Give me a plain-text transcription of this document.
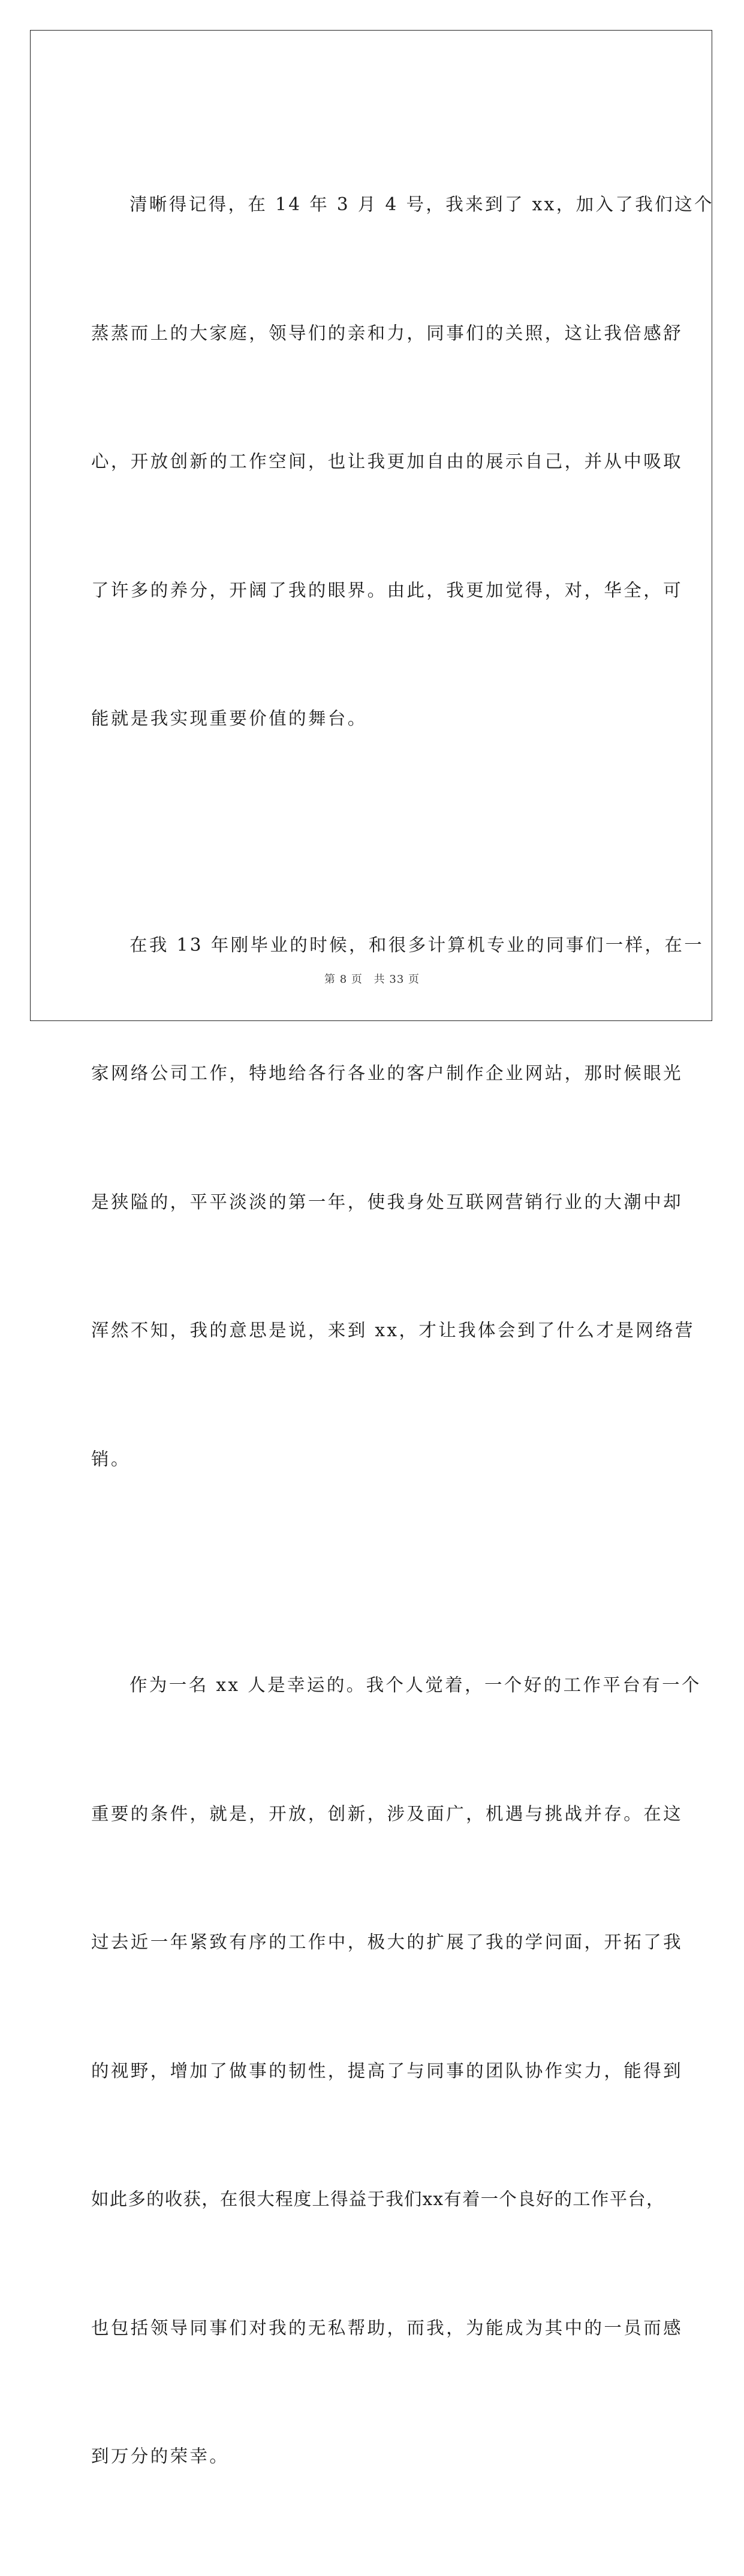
清晰得记得，在 14 年 3 月 4 号，我来到了 xx，加入了我们这个

蒸蒸而上的大家庭，领导们的亲和力，同事们的关照，这让我倍感舒

心，开放创新的工作空间，也让我更加自由的展示自己，并从中吸取

了许多的养分，开阔了我的眼界。由此，我更加觉得，对，华全，可

能就是我实现重要价值的舞台。

在我 13 年刚毕业的时候，和很多计算机专业的同事们一样，在一

家网络公司工作，特地给各行各业的客户制作企业网站，那时候眼光

是狭隘的，平平淡淡的第一年，使我身处互联网营销行业的大潮中却

浑然不知，我的意思是说，来到 xx，才让我体会到了什么才是网络营

销。

作为一名 xx 人是幸运的。我个人觉着，一个好的工作平台有一个

重要的条件，就是，开放，创新，涉及面广，机遇与挑战并存。在这

过去近一年紧致有序的工作中，极大的扩展了我的学问面，开拓了我

的视野，增加了做事的韧性，提高了与同事的团队协作实力，能得到

如此多的收获，在很大程度上得益于我们xx有着一个良好的工作平台，

也包括领导同事们对我的无私帮助，而我，为能成为其中的一员而感

到万分的荣幸。

第 8 页 共 33 页
